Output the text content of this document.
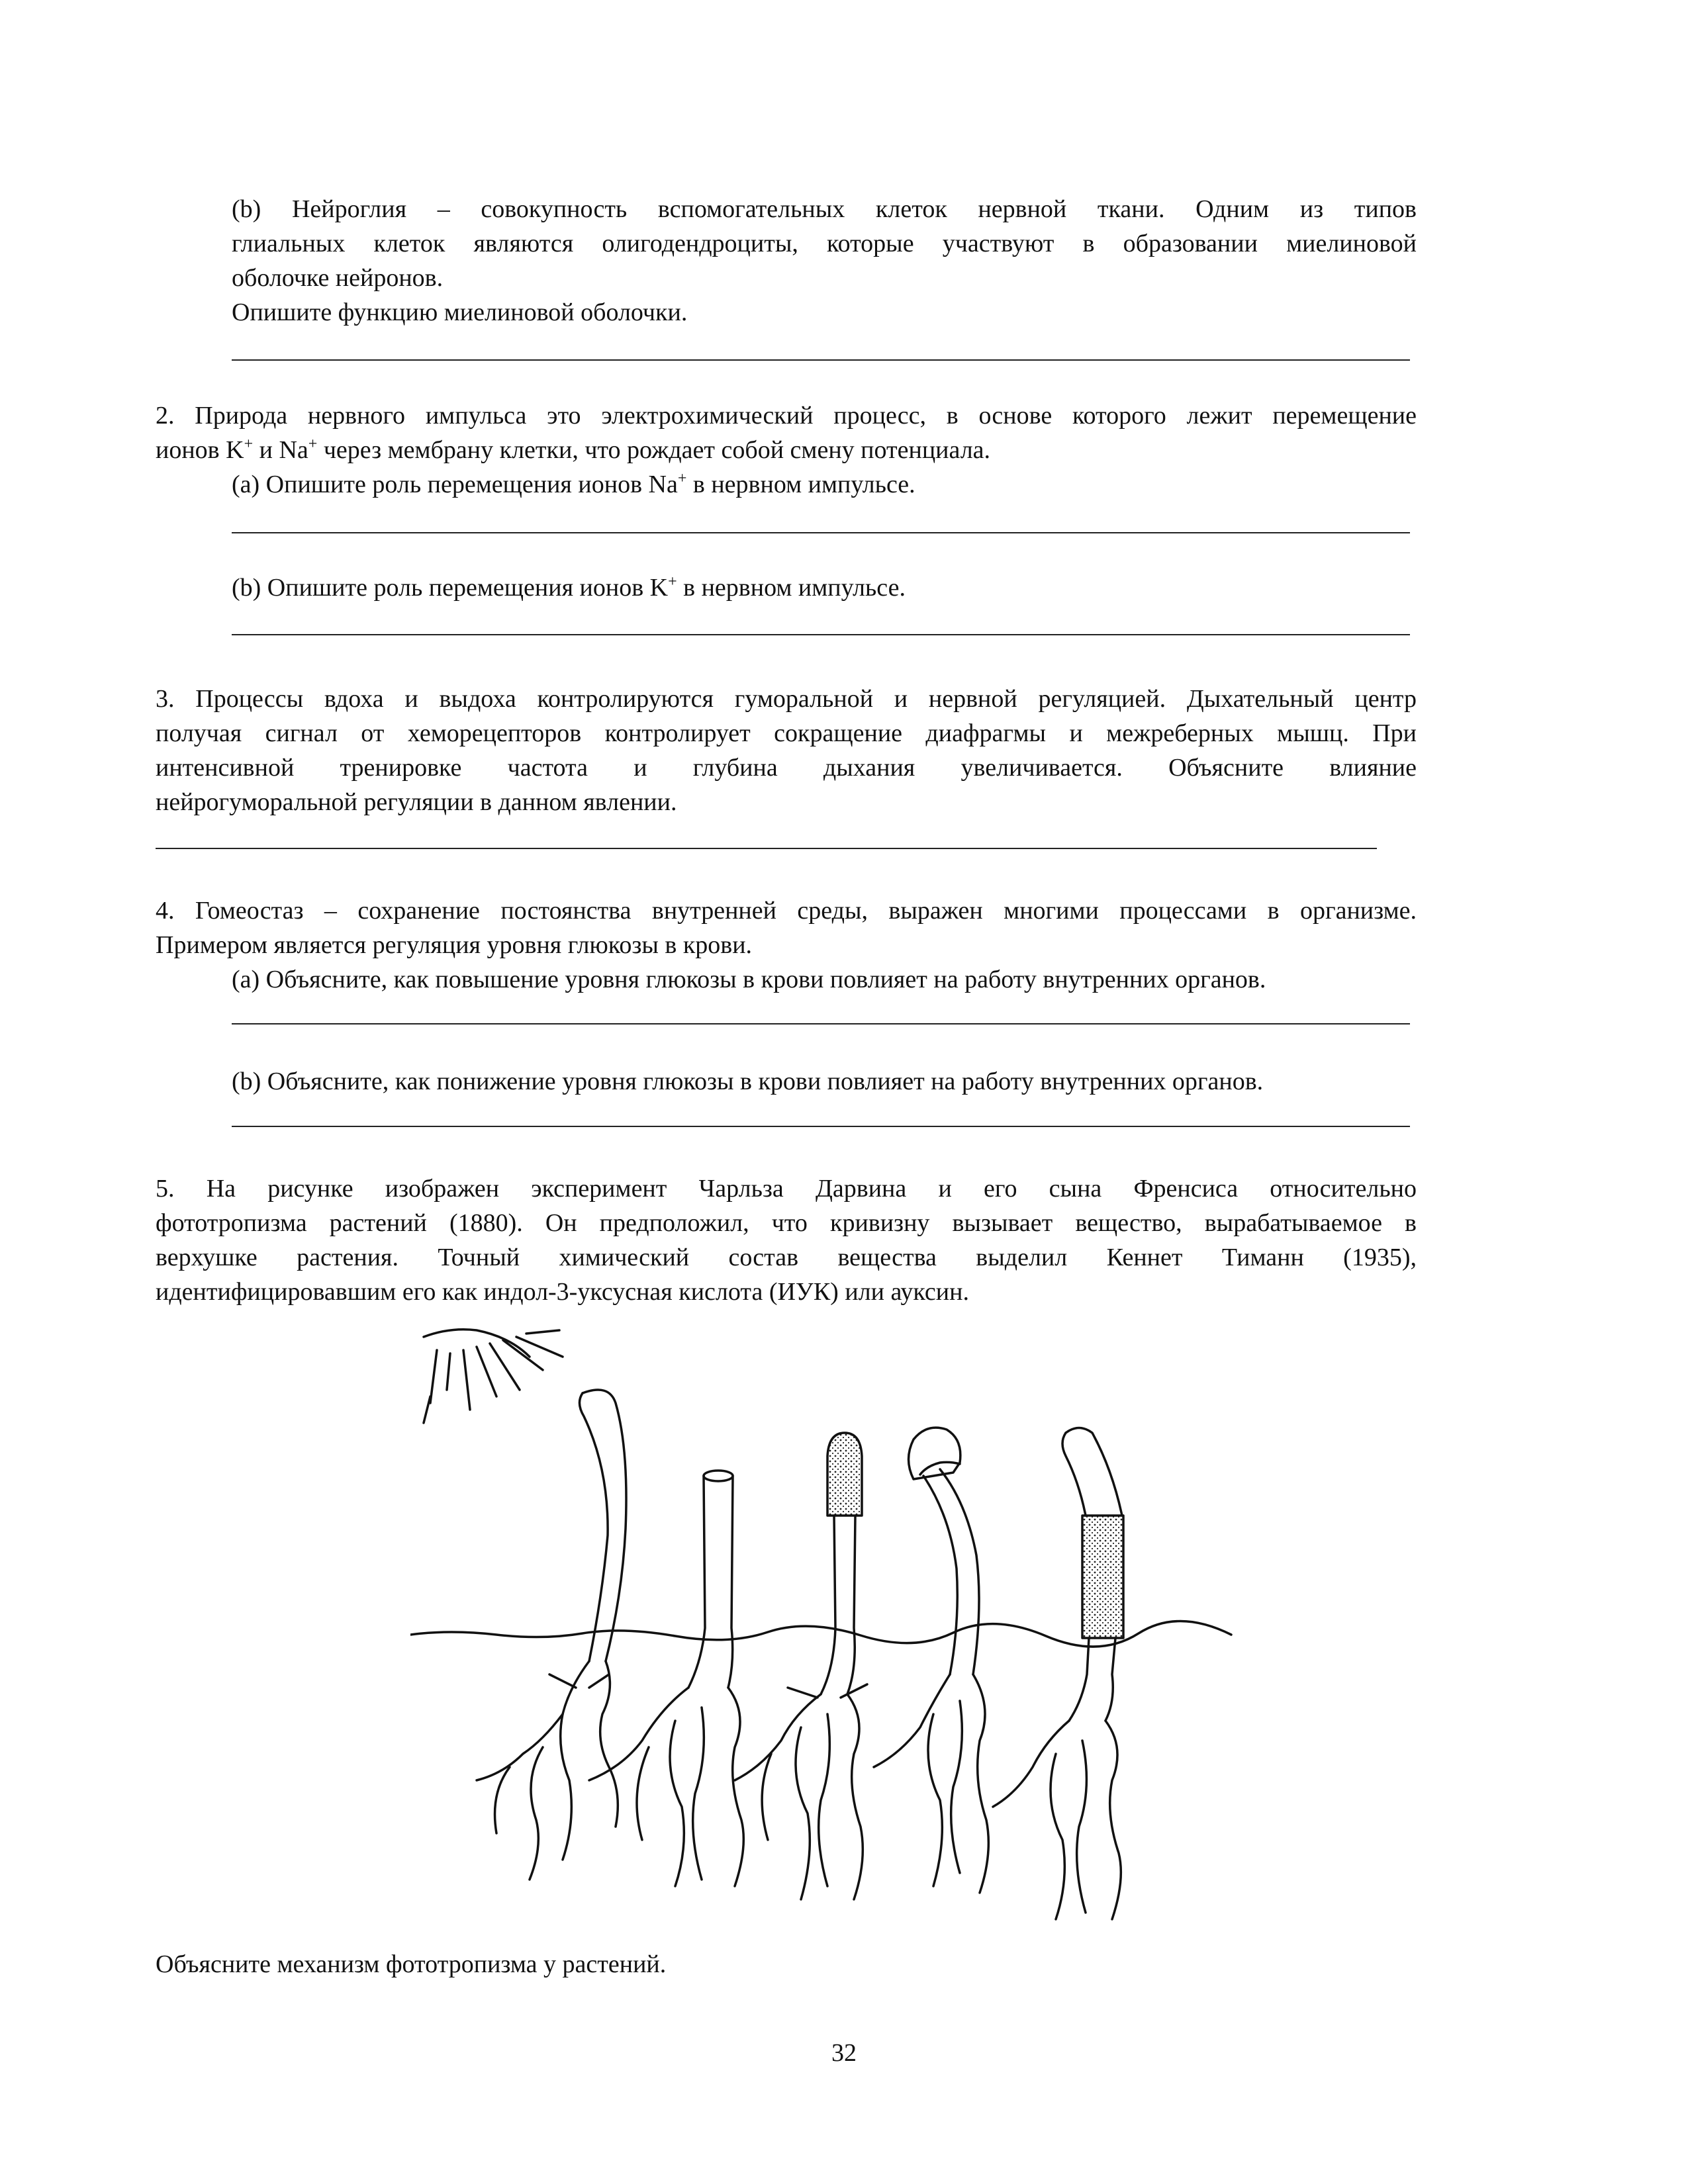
(b) Нейроглия – совокупность вспомогательных клеток нервной ткани. Одним из типов
глиальных клеток являются олигодендроциты, которые участвуют в образовании миелиновой
оболочке нейронов.
Опишите функцию миелиновой оболочки.
2. Природа нервного импульса это электрохимический процесс, в основе которого лежит перемещение
ионов K+ и Na+ через мембрану клетки, что рождает собой смену потенциала.
(a) Опишите роль перемещения ионов Na+ в нервном импульсе.
(b) Опишите роль перемещения ионов K+ в нервном импульсе.
3. Процессы вдоха и выдоха контролируются гуморальной и нервной регуляцией. Дыхательный центр
получая сигнал от хеморецепторов контролирует сокращение диафрагмы и межреберных мышц. При
интенсивной тренировке частота и глубина дыхания увеличивается. Объясните влияние
нейрогуморальной регуляции в данном явлении.
4. Гомеостаз – сохранение постоянства внутренней среды, выражен многими процессами в организме.
Примером является регуляция уровня глюкозы в крови.
(a) Объясните, как повышение уровня глюкозы в крови повлияет на работу внутренних органов.
(b) Объясните, как понижение уровня глюкозы в крови повлияет на работу внутренних органов.
5. На рисунке изображен эксперимент Чарльза Дарвина и его сына Френсиса относительно
фототропизма растений (1880). Он предположил, что кривизну вызывает вещество, вырабатываемое в
верхушке растения. Точный химический состав вещества выделил Кеннет Тиманн (1935),
идентифицировавшим его как индол-3-уксусная кислота (ИУК) или ауксин.
Объясните механизм фототропизма у растений.
32
